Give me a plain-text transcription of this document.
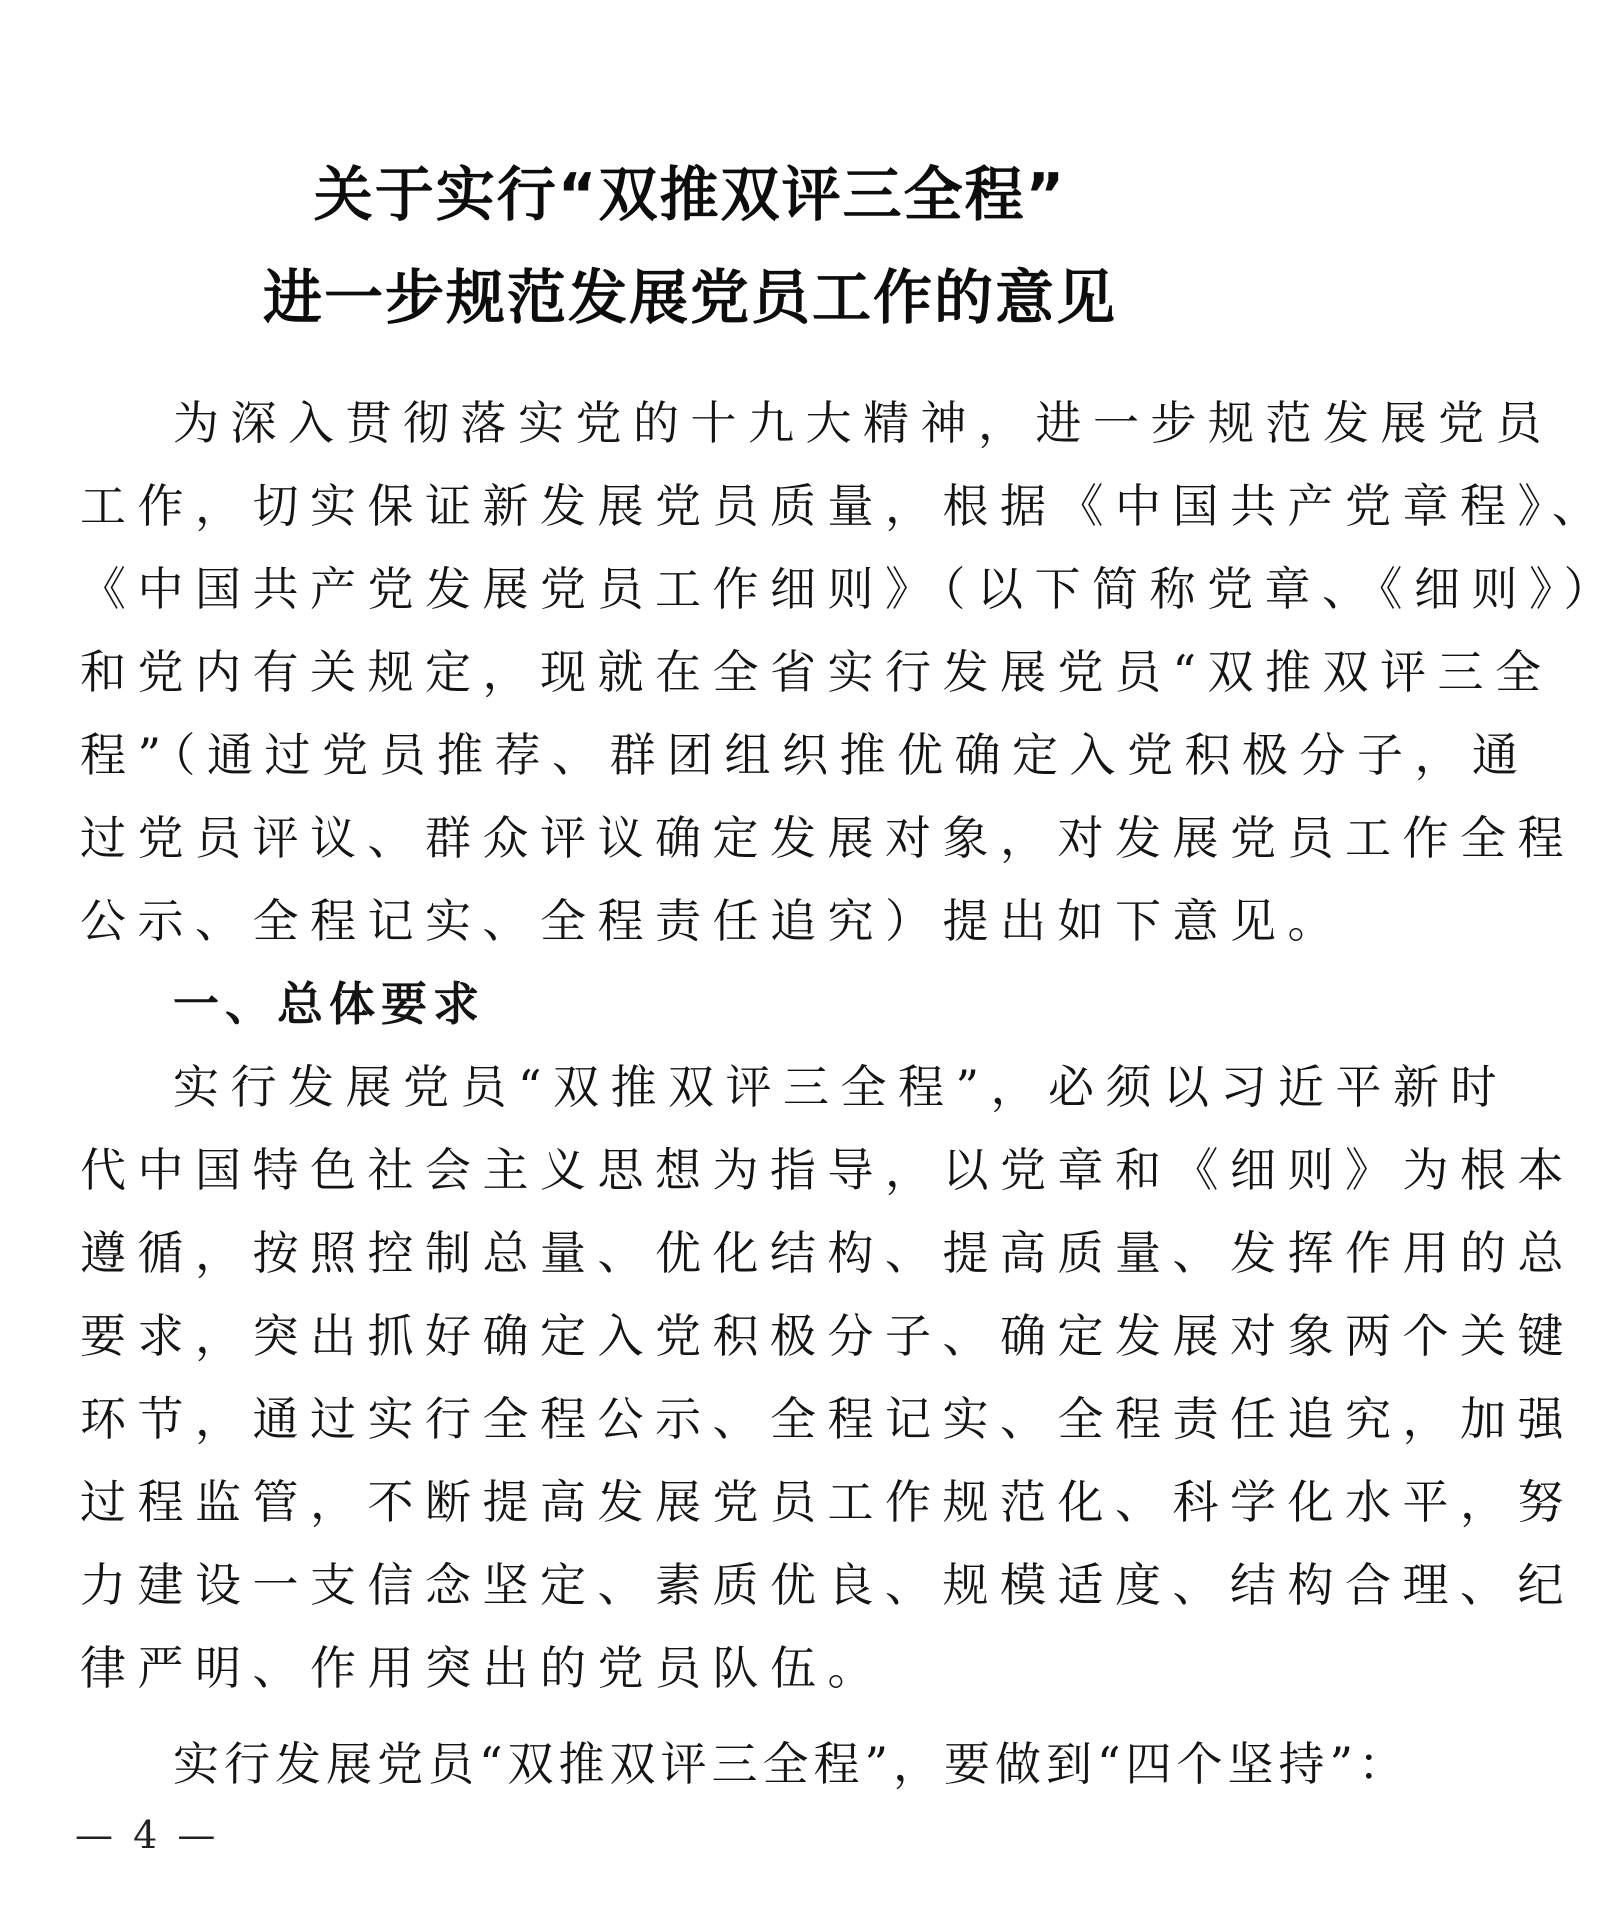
关于实行“双推双评三全程”
进一步规范发展党员工作的意见
为深入贯彻落实党的十九大精神，进一步规范发展党员
工作，切实保证新发展党员质量，根据《中国共产党章程》、
《中国共产党发展党员工作细则》（以下简称党章、《细则》）
和党内有关规定，现就在全省实行发展党员“双推双评三全
程”（通过党员推荐、群团组织推优确定入党积极分子，通
过党员评议、群众评议确定发展对象，对发展党员工作全程
公示、全程记实、全程责任追究）提出如下意见。
一、总体要求
实行发展党员“双推双评三全程”，必须以习近平新时
代中国特色社会主义思想为指导，以党章和《细则》为根本
遵循，按照控制总量、优化结构、提高质量、发挥作用的总
要求，突出抓好确定入党积极分子、确定发展对象两个关键
环节，通过实行全程公示、全程记实、全程责任追究，加强
过程监管，不断提高发展党员工作规范化、科学化水平，努
力建设一支信念坚定、素质优良、规模适度、结构合理、纪
律严明、作用突出的党员队伍。
实行发展党员“双推双评三全程”，要做到“四个坚持”：
— 4 —
